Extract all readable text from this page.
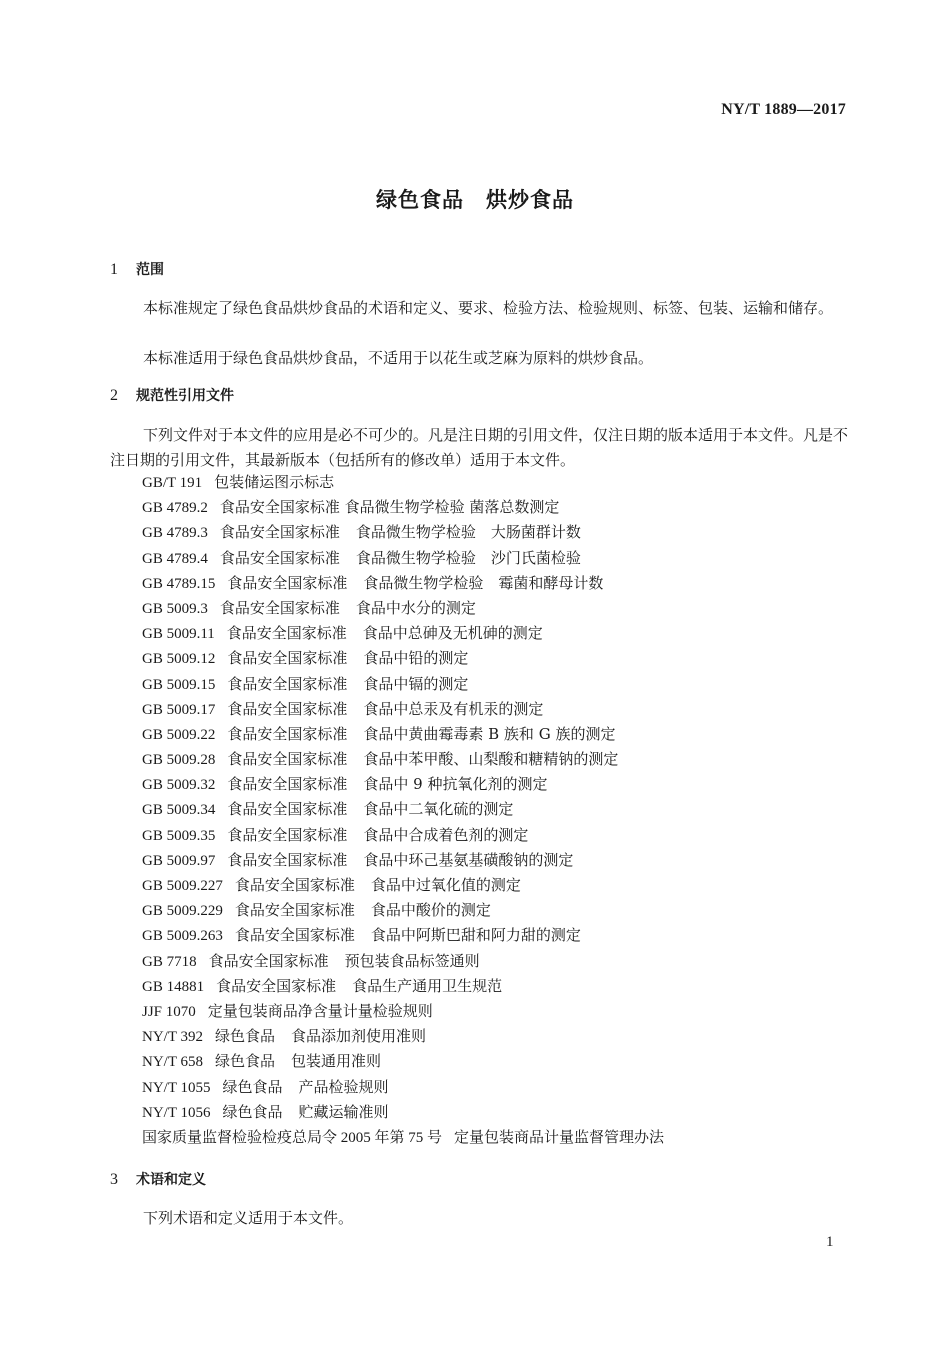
NY/T 1889—2017
绿色食品　烘炒食品
1 范围
本标准规定了绿色食品烘炒食品的术语和定义、要求、检验方法、检验规则、标签、包装、运输和储存。
本标准适用于绿色食品烘炒食品，不适用于以花生或芝麻为原料的烘炒食品。
2 规范性引用文件
下列文件对于本文件的应用是必不可少的。凡是注日期的引用文件，仅注日期的版本适用于本文件。凡是不注日期的引用文件，其最新版本（包括所有的修改单）适用于本文件。
GB/T 191 包装储运图示标志
GB 4789.2 食品安全国家标准 食品微生物学检验 菌落总数测定
GB 4789.3 食品安全国家标准 食品微生物学检验　大肠菌群计数
GB 4789.4 食品安全国家标准 食品微生物学检验　沙门氏菌检验
GB 4789.15 食品安全国家标准 食品微生物学检验　霉菌和酵母计数
GB 5009.3 食品安全国家标准 食品中水分的测定
GB 5009.11 食品安全国家标准 食品中总砷及无机砷的测定
GB 5009.12 食品安全国家标准 食品中铅的测定
GB 5009.15 食品安全国家标准 食品中镉的测定
GB 5009.17 食品安全国家标准 食品中总汞及有机汞的测定
GB 5009.22 食品安全国家标准 食品中黄曲霉毒素 B 族和 G 族的测定
GB 5009.28 食品安全国家标准 食品中苯甲酸、山梨酸和糖精钠的测定
GB 5009.32 食品安全国家标准 食品中 9 种抗氧化剂的测定
GB 5009.34 食品安全国家标准 食品中二氧化硫的测定
GB 5009.35 食品安全国家标准 食品中合成着色剂的测定
GB 5009.97 食品安全国家标准 食品中环己基氨基磺酸钠的测定
GB 5009.227 食品安全国家标准 食品中过氧化值的测定
GB 5009.229 食品安全国家标准 食品中酸价的测定
GB 5009.263 食品安全国家标准 食品中阿斯巴甜和阿力甜的测定
GB 7718 食品安全国家标准 预包装食品标签通则
GB 14881 食品安全国家标准 食品生产通用卫生规范
JJF 1070 定量包装商品净含量计量检验规则
NY/T 392 绿色食品 食品添加剂使用准则
NY/T 658 绿色食品 包装通用准则
NY/T 1055 绿色食品 产品检验规则
NY/T 1056 绿色食品 贮藏运输准则
国家质量监督检验检疫总局令 2005 年第 75 号 定量包装商品计量监督管理办法
3 术语和定义
下列术语和定义适用于本文件。
1
